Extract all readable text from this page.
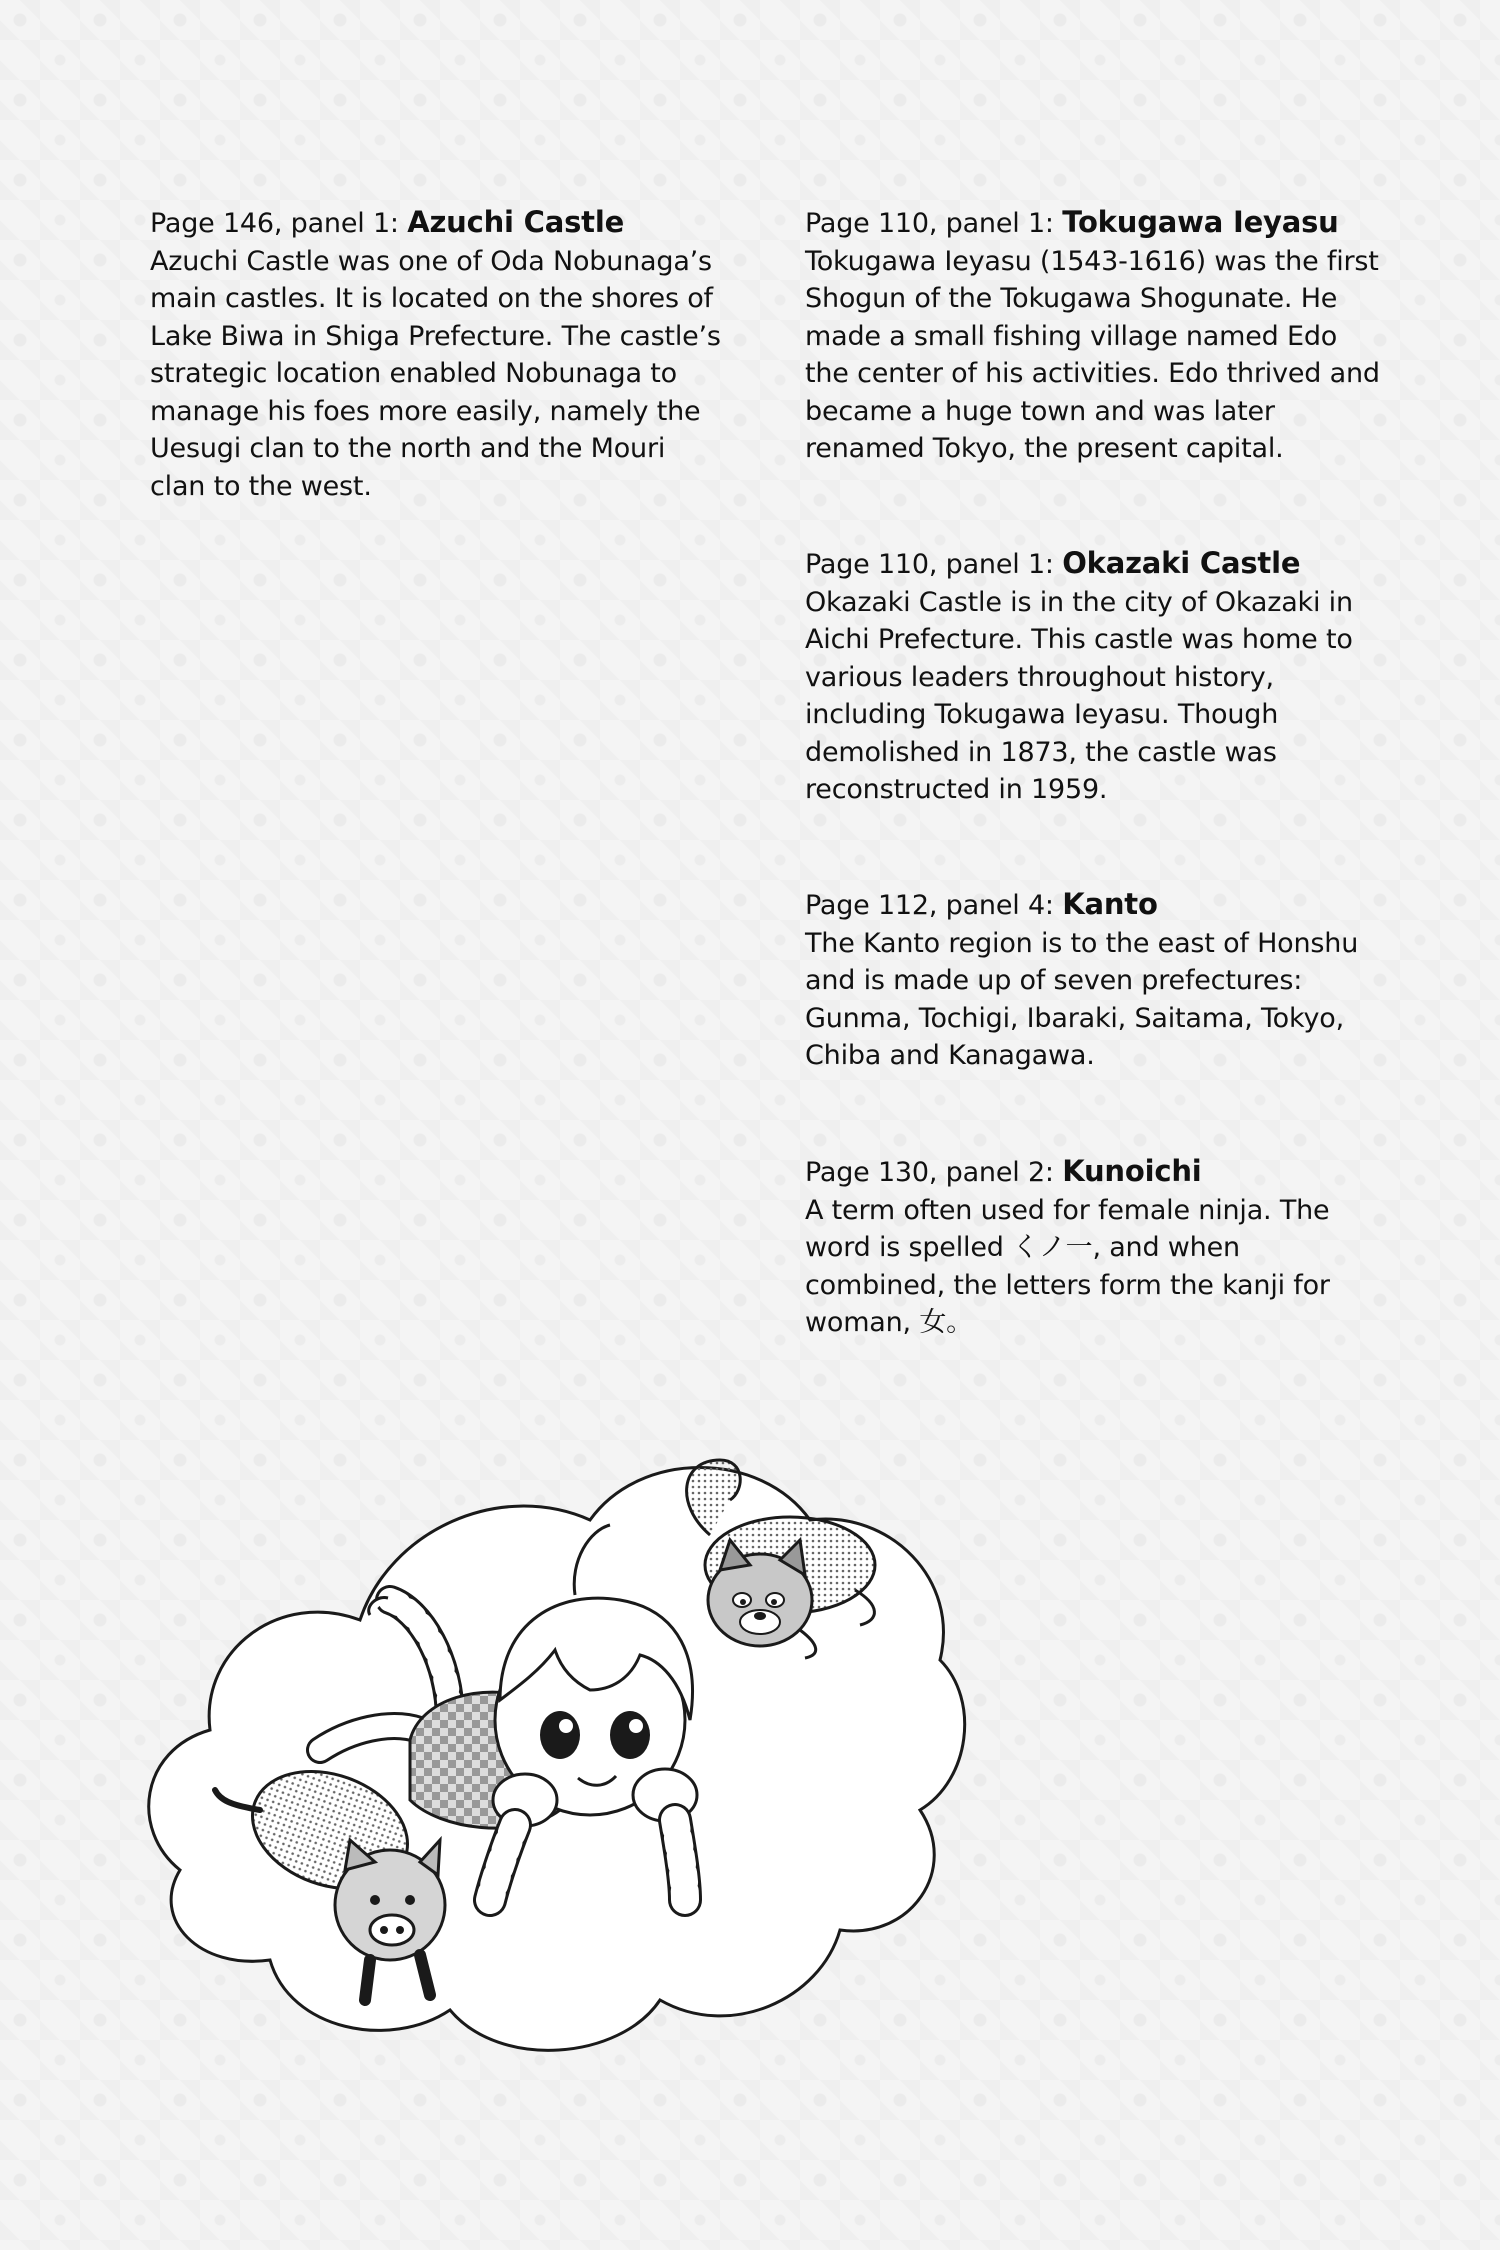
Page 146, panel 1: Azuchi Castle
Azuchi Castle was one of Oda Nobunaga’s main castles. It is located on the shores of Lake Biwa in Shiga Prefecture. The castle’s strategic location enabled Nobunaga to manage his foes more easily, namely the Uesugi clan to the north and the Mouri clan to the west.
Page 110, panel 1: Tokugawa Ieyasu
Tokugawa Ieyasu (1543-1616) was the first Shogun of the Tokugawa Shogunate. He made a small fishing village named Edo the center of his activities. Edo thrived and became a huge town and was later renamed Tokyo, the present capital.
Page 110, panel 1: Okazaki Castle
Okazaki Castle is in the city of Okazaki in Aichi Prefecture. This castle was home to various leaders throughout history, including Tokugawa Ieyasu. Though demolished in 1873, the castle was reconstructed in 1959.
Page 112, panel 4: Kanto
The Kanto region is to the east of Honshu and is made up of seven prefectures: Gunma, Tochigi, Ibaraki, Saitama, Tokyo, Chiba and Kanagawa.
Page 130, panel 2: Kunoichi
A term often used for female ninja. The word is spelled くノ一, and when combined, the letters form the kanji for woman, 女。
